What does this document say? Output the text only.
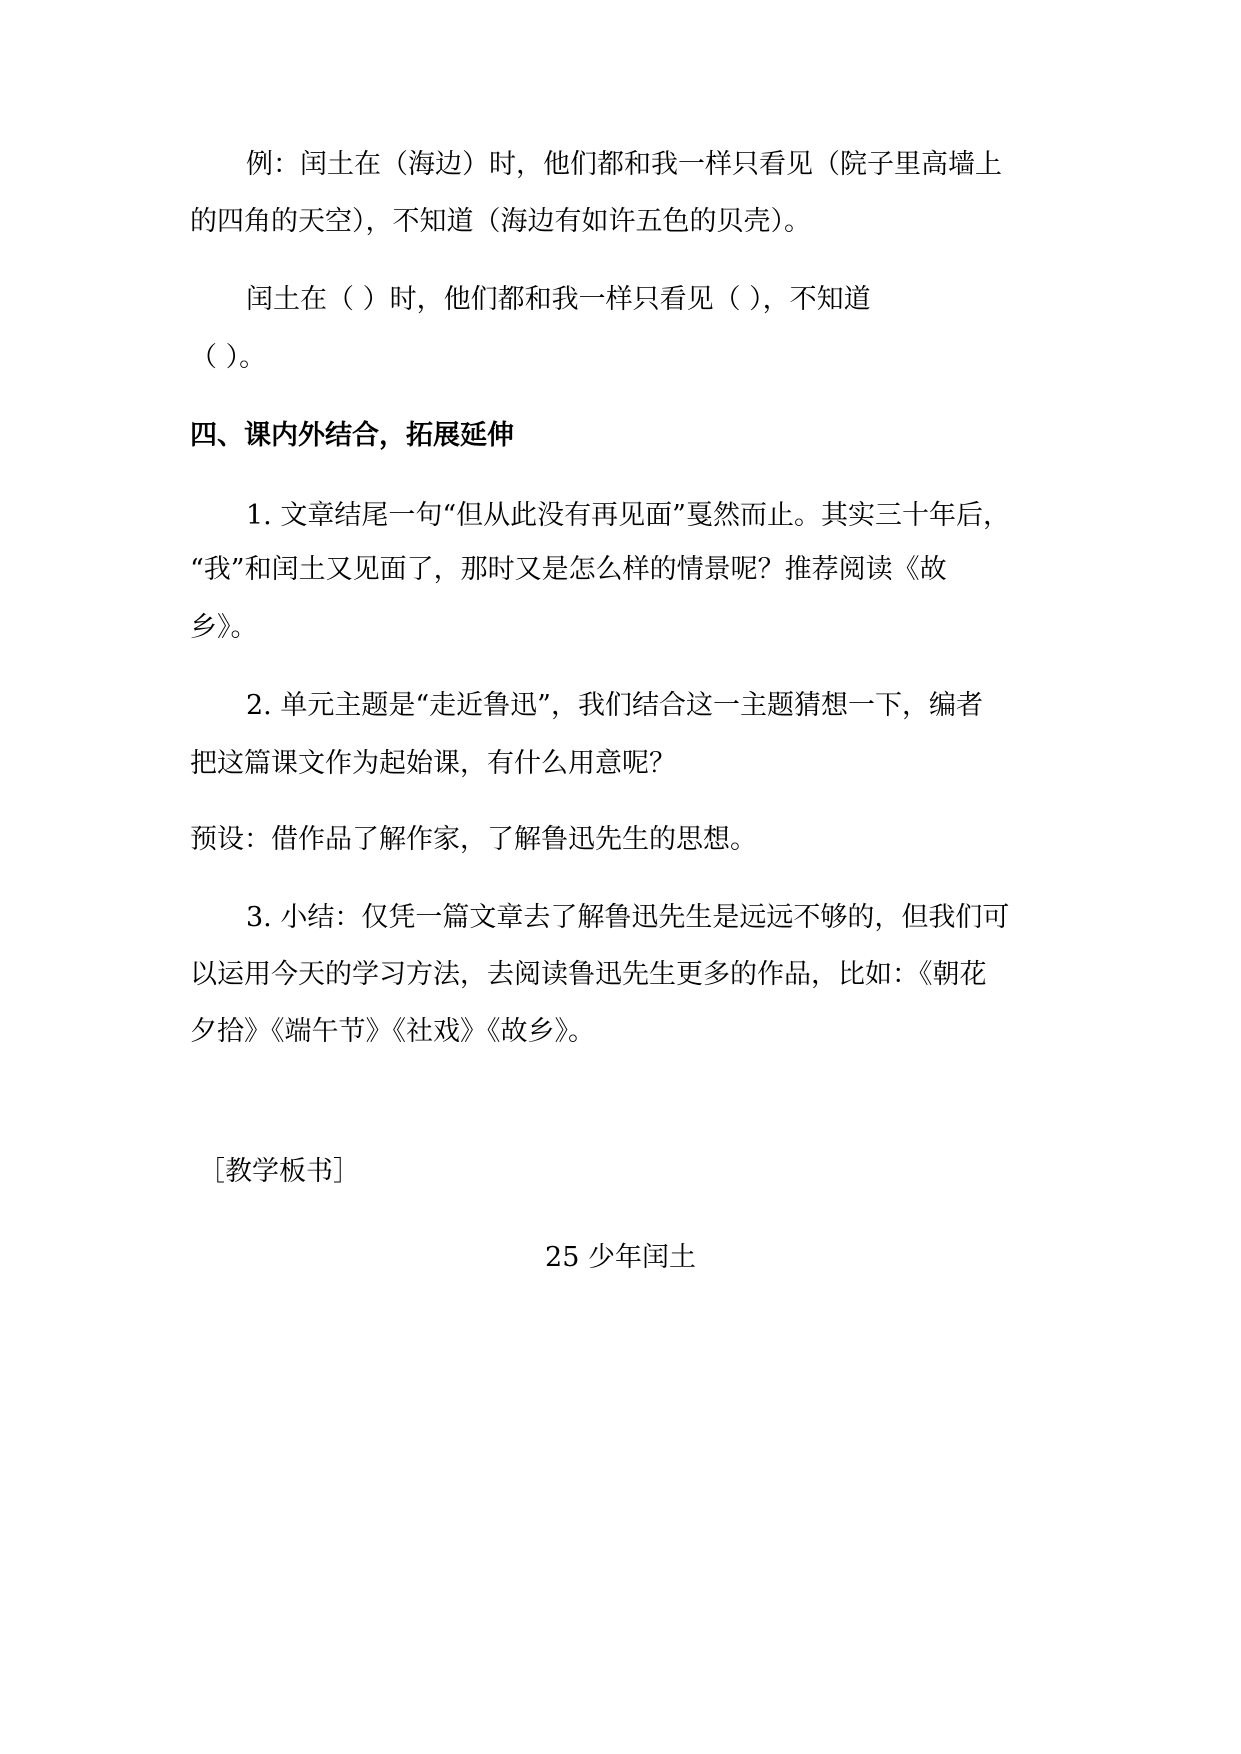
例：闰土在（海边）时，他们都和我一样只看见（院子里高墙上
的四角的天空），不知道（海边有如许五色的贝壳）。
闰土在（ ）时，他们都和我一样只看见（ ），不知道
（ ）。
四、课内外结合，拓展延伸
1. 文章结尾一句“但从此没有再见面”戛然而止。其实三十年后，
“我”和闰土又见面了，那时又是怎么样的情景呢？推荐阅读《故
乡》。
2. 单元主题是“走近鲁迅”，我们结合这一主题猜想一下，编者
把这篇课文作为起始课，有什么用意呢？
预设：借作品了解作家，了解鲁迅先生的思想。
3. 小结：仅凭一篇文章去了解鲁迅先生是远远不够的，但我们可
以运用今天的学习方法，去阅读鲁迅先生更多的作品，比如：《朝花
夕拾》《端午节》《社戏》《故乡》。
［教学板书］
25 少年闰土
